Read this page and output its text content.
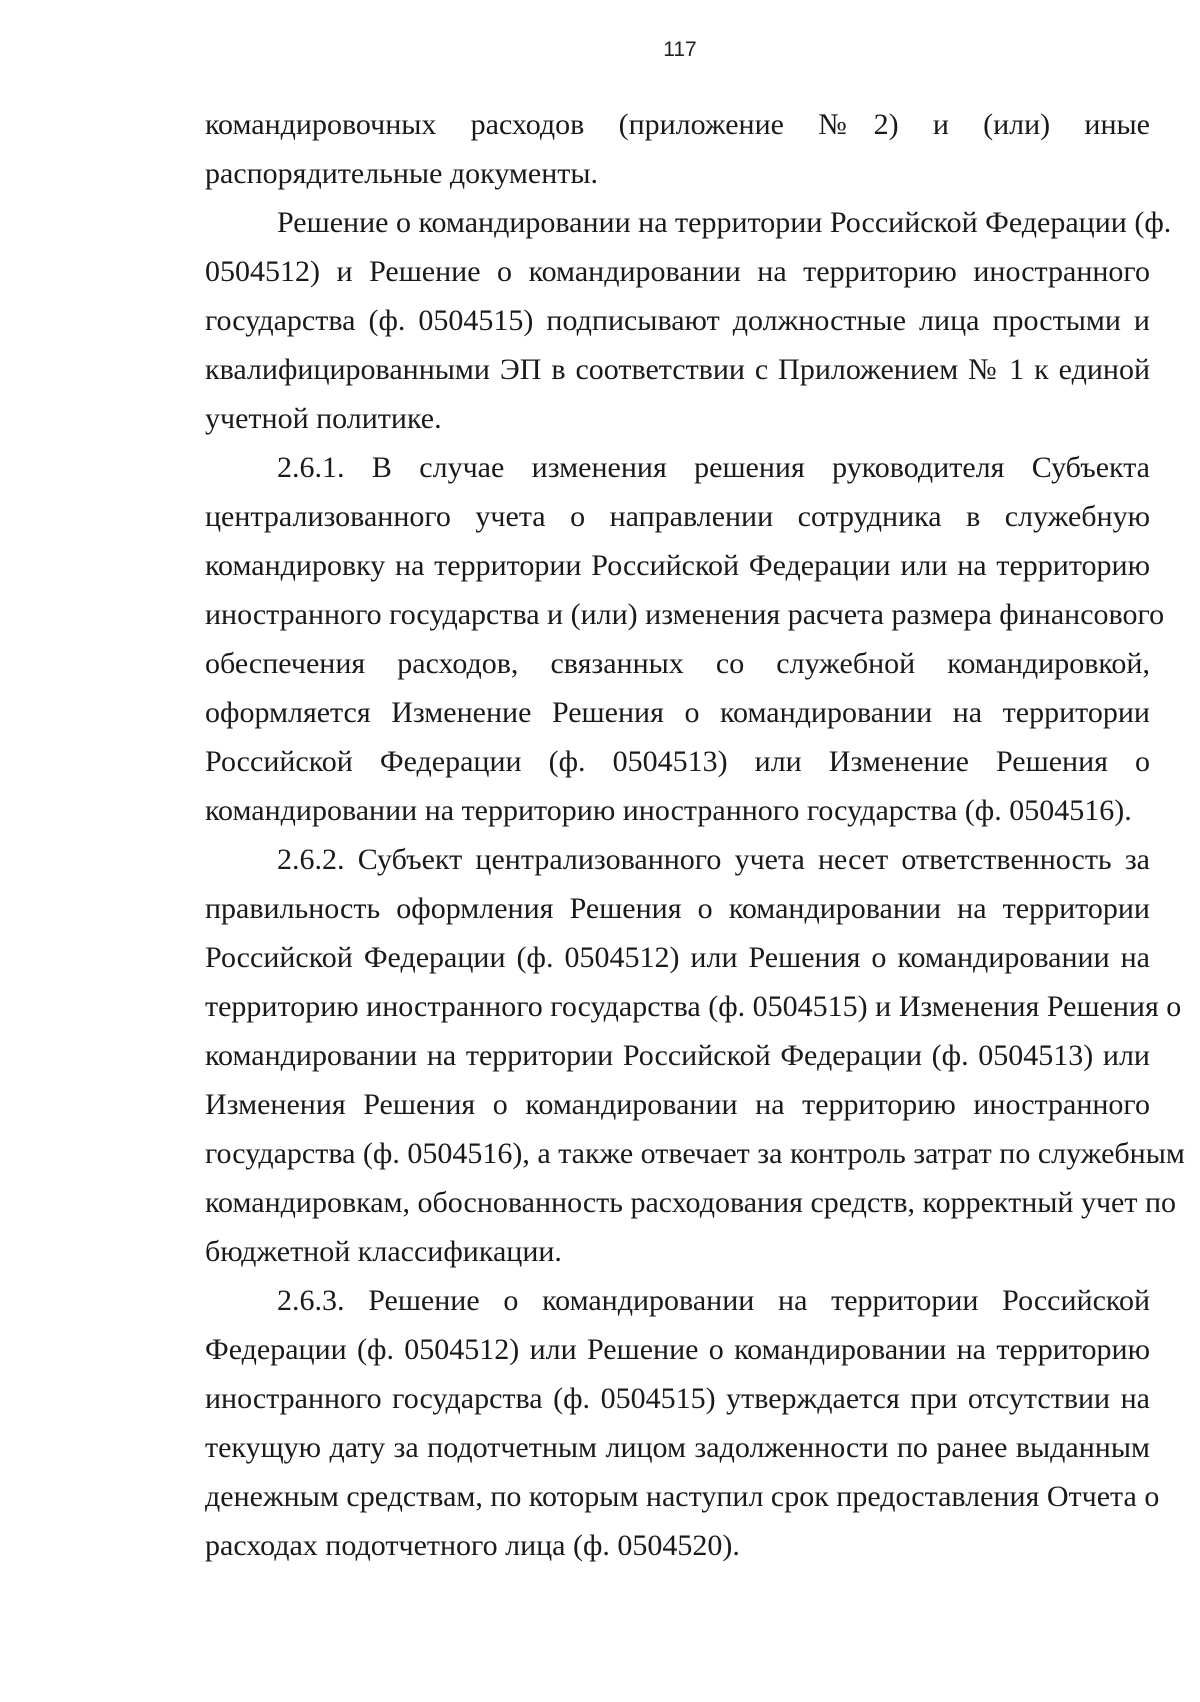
117

командировочных расходов (приложение №2) и (или) иные
распорядительные документы.

Решение о командировании на территории Российской Федерации (ф.
0504512) и Решение о командировании на территорию иностранного
государства (ф. 0504515) подписывают должностные лица простыми и
квалифицированными ЭП в соответствии с Приложением № 1 к единой
учетной политике.

2.6.1. В случае изменения решения руководителя Субъекта
централизованного учета о направлении сотрудника в служебную
командировку на территории Российской Федерации или на территорию
иностранного государства и (или) изменения расчета размера финансового
обеспечения расходов, связанных со служебной командировкой,
оформляется Изменение Решения о командировании на территории
Российской Федерации (ф. 0504513) или Изменение Решения о
командировании на территорию иностранного государства (ф. 0504516).

2.6.2. Субъект централизованного учета несет ответственность за
правильность оформления Решения о командировании на территории
Российской Федерации (ф. 0504512) или Решения о командировании на
территорию иностранного государства (ф. 0504515) и Изменения Решения о
командировании на территории Российской Федерации (ф. 0504513) или
Изменения Решения о командировании на территорию иностранного
государства (ф. 0504516), а также отвечает за контроль затрат по служебным
командировкам, обоснованность расходования средств, корректный учет по
бюджетной классификации.

2.6.3. Решение о командировании на территории Российской
Федерации (ф. 0504512) или Решение о командировании на территорию
иностранного государства (ф. 0504515) утверждается при отсутствии на
текущую дату за подотчетным лицом задолженности по ранее выданным
денежным средствам, по которым наступил срок предоставления Отчета о
расходах подотчетного лица (ф. 0504520).
